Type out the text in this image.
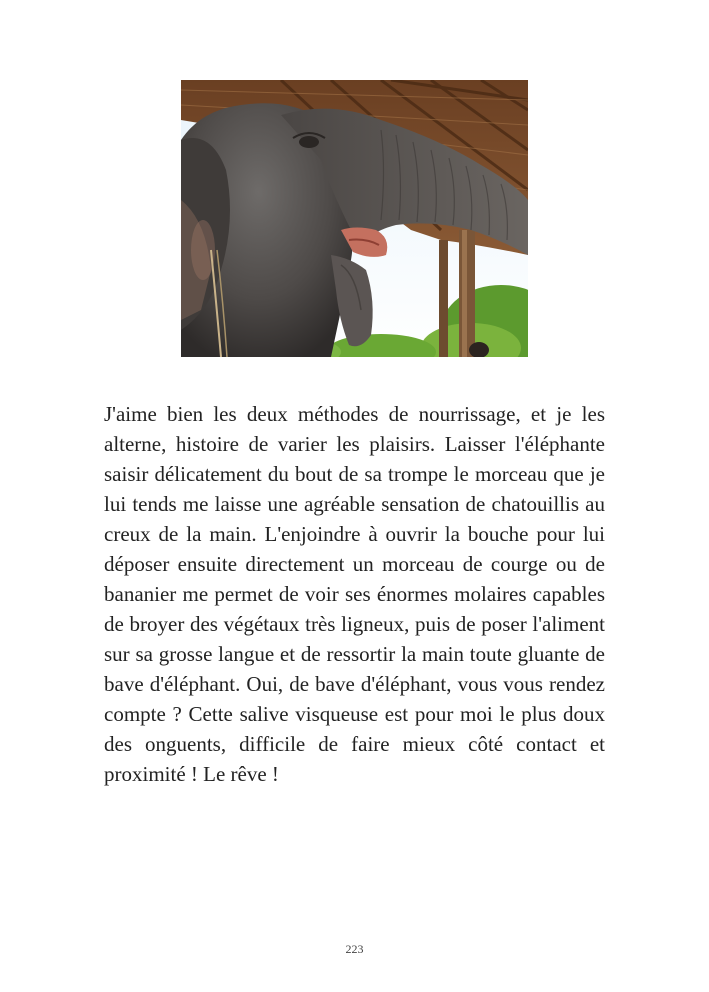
J'aime bien les deux méthodes de nourrissage, et je les alterne, histoire de varier les plaisirs. Laisser l'éléphante saisir délicatement du bout de sa trompe le morceau que je lui tends me laisse une agréable sensation de chatouillis au creux de la main. L'enjoindre à ouvrir la bouche pour lui déposer ensuite directement un morceau de courge ou de bananier me permet de voir ses énormes molaires capables de broyer des végétaux très ligneux, puis de poser l'aliment sur sa grosse langue et de ressortir la main toute gluante de bave d'éléphant. Oui, de bave d'éléphant, vous vous rendez compte ? Cette salive visqueuse est pour moi le plus doux des onguents, difficile de faire mieux côté contact et proximité ! Le rêve !

223
